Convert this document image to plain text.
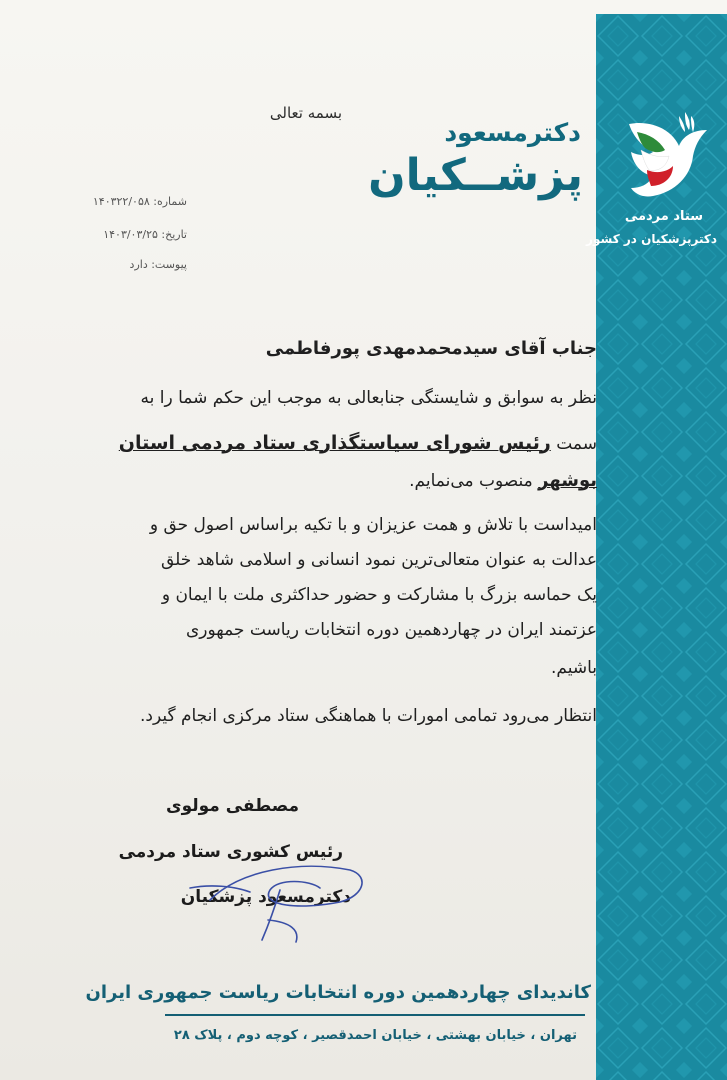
ستاد مردمی
دکترپزشکیان در کشور
دکترمسعود
پزشــکیان
بسمه تعالی
شماره: ۱۴۰۳۲۲/۰۵۸
تاریخ: ۱۴۰۳/۰۳/۲۵
پیوست: دارد
جناب آقای سیدمحمدمهدی پورفاطمی
نظر به سوابق و شایستگی جنابعالی به موجب این حکم شما را به
سمت رئیس شورای سیاستگذاری ستاد مردمی استان
بوشهر منصوب می‌نمایم.
امیداست با تلاش و همت عزیزان و با تکیه براساس اصول حق و
عدالت به عنوان متعالی‌ترین نمود انسانی و اسلامی شاهد خلق
یک حماسه بزرگ با مشارکت و حضور حداکثری ملت با ایمان و
عزتمند ایران در چهاردهمین دوره انتخابات ریاست جمهوری
باشیم.
انتظار می‌رود تمامی امورات با هماهنگی ستاد مرکزی انجام گیرد.
مصطفی مولوی
رئیس کشوری ستاد مردمی
دکترمسعود پزشکیان
کاندیدای چهاردهمین دوره انتخابات ریاست جمهوری ایران
تهران ، خیابان بهشتی ، خیابان احمدقصیر ، کوچه دوم ، پلاک ۲۸
